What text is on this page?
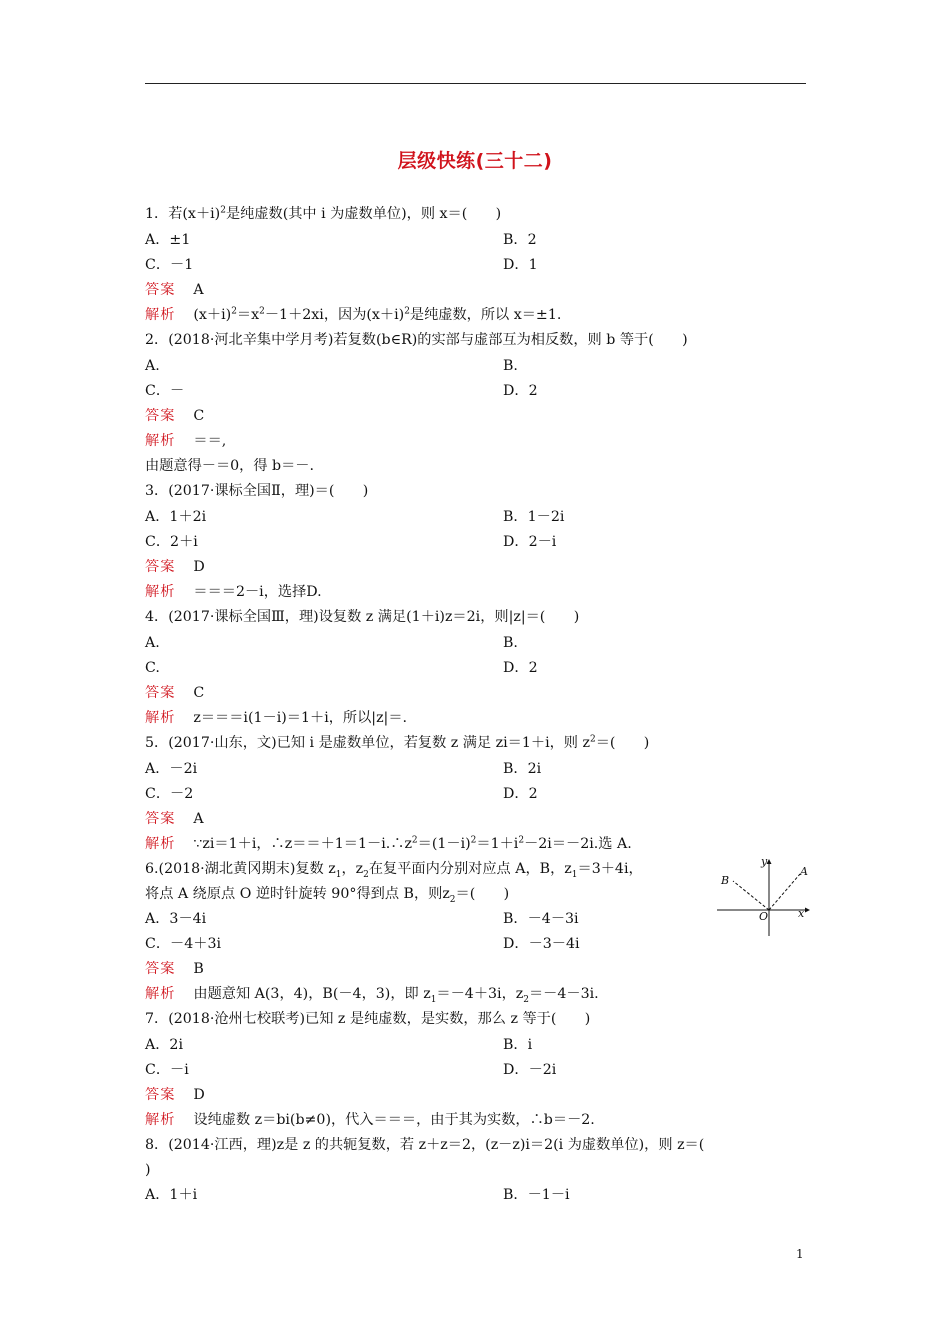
层级快练(三十二)
1．若$(x+i)^2$是纯虚数(其中 i 为虚数单位)，则 x＝(　　)
A．±1	B．2
C．－1	D．1
答案 A
解析 $(x+i)^2=x^2-1+2xi$，因为$(x+i)^2$是纯虚数，所以 x＝±1.
2．(2018·河北辛集中学月考)若复数(b∈R)的实部与虚部互为相反数，则 b 等于(　　)
A.	B.
C．－	D．2
答案 C
解析 ＝＝,
由题意得－＝0，得 b＝－.
3．(2017·课标全国Ⅱ，理)＝(　　)
A．1＋2i	B．1－2i
C．2＋i	D．2－i
答案 D
解析 ＝＝＝2－i，选择D.
4．(2017·课标全国Ⅲ，理)设复数 z 满足(1＋i)z＝2i，则|z|＝(　　)
A.	B.
C.	D．2
答案 C
解析 z＝＝＝i(1－i)＝1＋i，所以|z|＝.
5．(2017·山东，文)已知 i 是虚数单位，若复数 z 满足 zi＝1＋i，则 $z^2=$(　　)
A．－2i	B．2i
C．－2	D．2
答案 A
解析 ∵zi＝1＋i，$\therefore z==+1=1-i.\therefore z^2=(1-i)^2=1+i^2-2i=-2i$.选 A.
6.(2018·湖北黄冈期末)复数 $z_1$，$z_2$在复平面内分别对应点 A，B，$z_1=3+4i$，
将点 A 绕原点 O 逆时针旋转 90°得到点 B，则$z_2=$(　　)
A．3－4i	B．－4－3i
C．－4＋3i	D．－3－4i
答案 B
解析 由题意知 A(3，4)，B(－4，3)，即 $z_1=-4+3i$，$z_2=-4-3i$.
y
x
B
A
O
7．(2018·沧州七校联考)已知 z 是纯虚数，是实数，那么 z 等于(　　)
A．2i	B．i
C．－i	D．－2i
答案 D
解析 设纯虚数 z＝bi(b≠0)，代入＝＝＝，由于其为实数，∴b＝－2.
8．(2014·江西，理)z是 z 的共轭复数，若 z＋z＝2，(z－z)i＝2(i 为虚数单位)，则 z＝(
)
A．1＋i	B．－1－i
1
